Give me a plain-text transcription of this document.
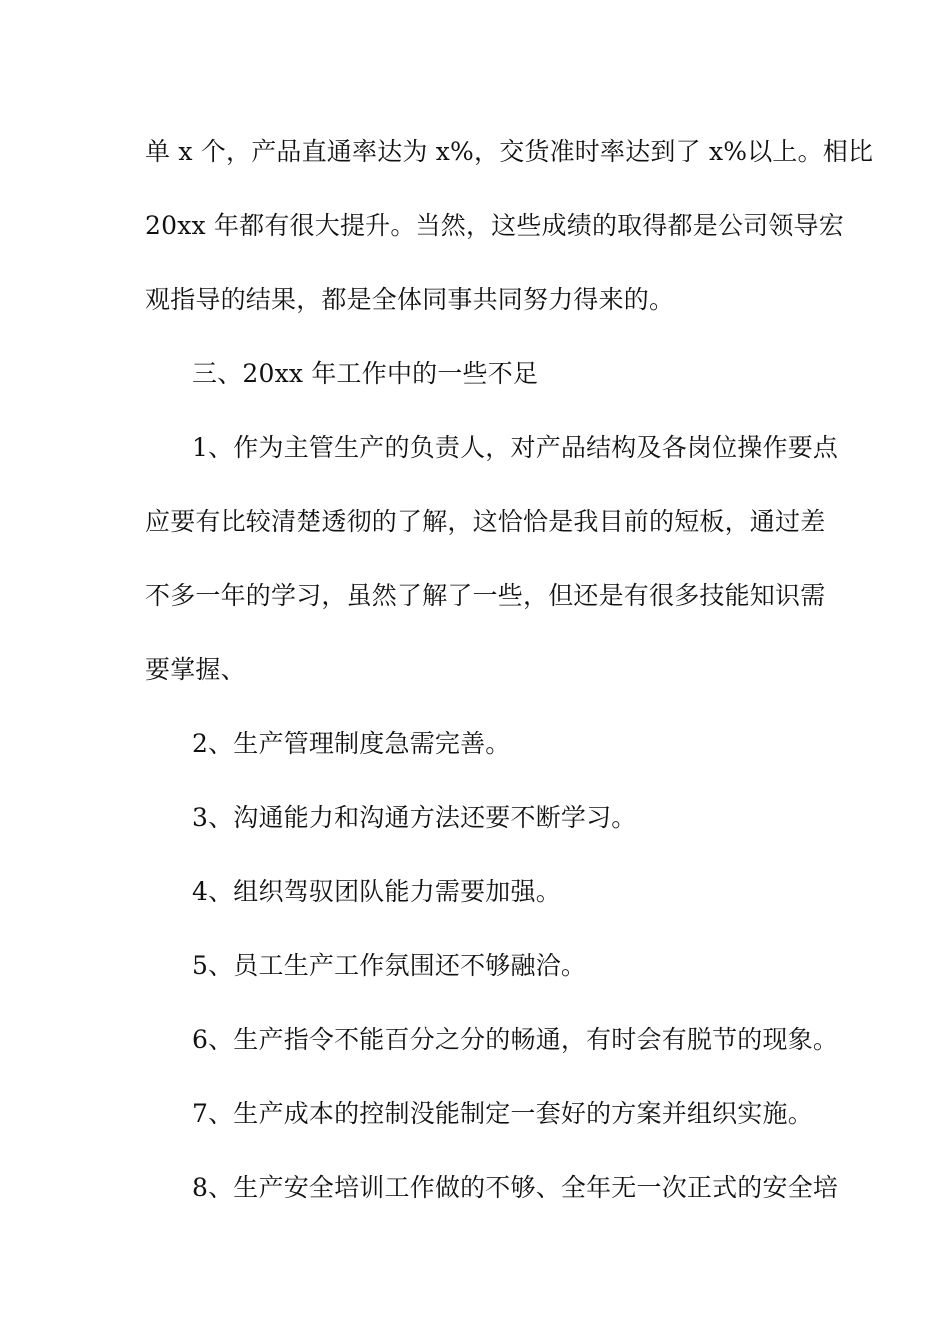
单 x 个，产品直通率达为 x%，交货准时率达到了 x%以上。相比
20xx 年都有很大提升。当然，这些成绩的取得都是公司领导宏
观指导的结果，都是全体同事共同努力得来的。
三、20xx 年工作中的一些不足
1、作为主管生产的负责人，对产品结构及各岗位操作要点
应要有比较清楚透彻的了解，这恰恰是我目前的短板，通过差
不多一年的学习，虽然了解了一些，但还是有很多技能知识需
要掌握、
2、生产管理制度急需完善。
3、沟通能力和沟通方法还要不断学习。
4、组织驾驭团队能力需要加强。
5、员工生产工作氛围还不够融洽。
6、生产指令不能百分之分的畅通，有时会有脱节的现象。
7、生产成本的控制没能制定一套好的方案并组织实施。
8、生产安全培训工作做的不够、全年无一次正式的安全培
